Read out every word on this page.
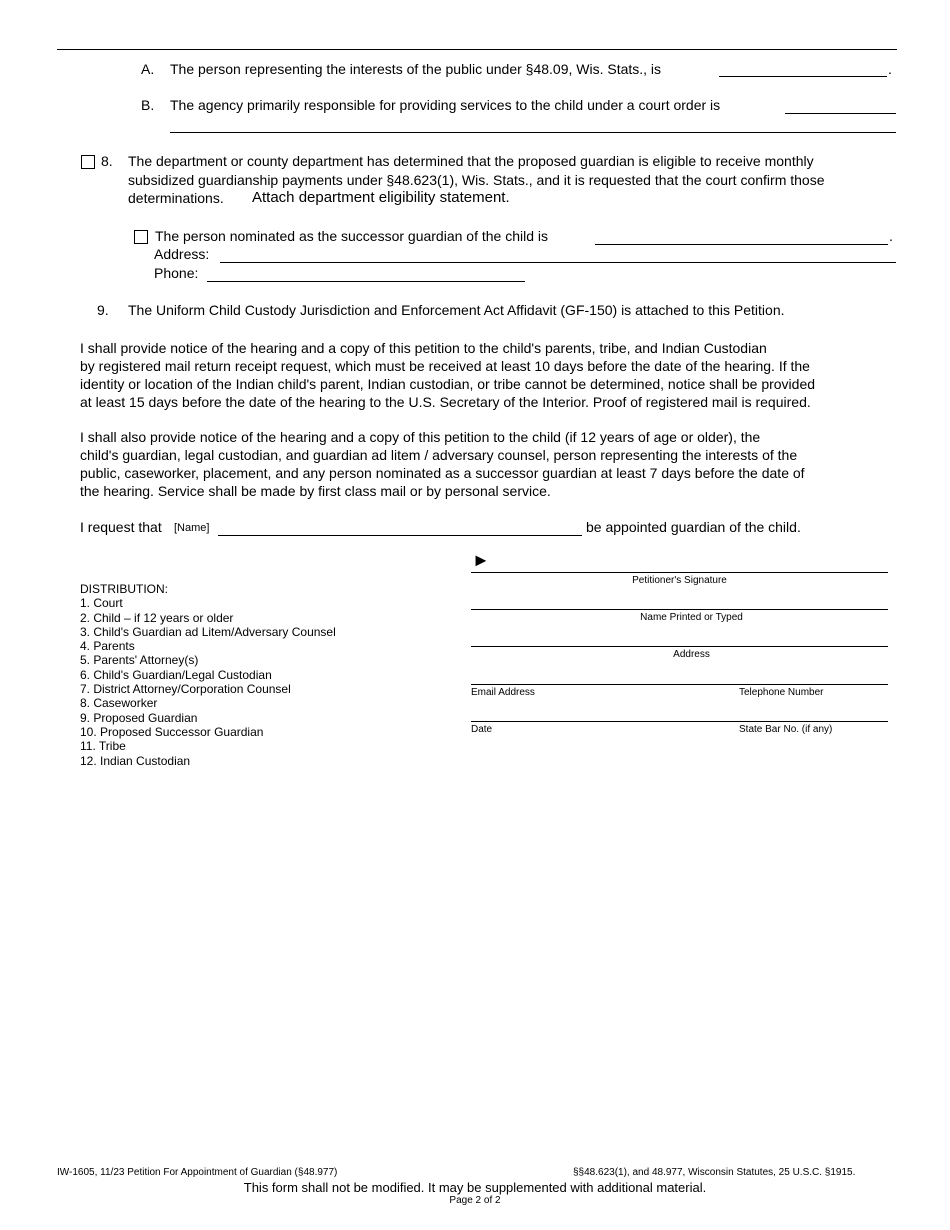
A. The person representing the interests of the public under §48.09, Wis. Stats., is	.
B. The agency primarily responsible for providing services to the child under a court order is
8. The department or county department has determined that the proposed guardian is eligible to receive monthly
subsidized guardianship payments under §48.623(1), Wis. Stats., and it is requested that the court confirm those
determinations. Attach department eligibility statement.
The person nominated as the successor guardian of the child is	.
Address:
Phone:
9. The Uniform Child Custody Jurisdiction and Enforcement Act Affidavit (GF-150) is attached to this Petition.
I shall provide notice of the hearing and a copy of this petition to the child's parents, tribe, and Indian Custodian
by registered mail return receipt request, which must be received at least 10 days before the date of the hearing. If the
identity or location of the Indian child's parent, Indian custodian, or tribe cannot be determined, notice shall be provided
at least 15 days before the date of the hearing to the U.S. Secretary of the Interior. Proof of registered mail is required.
I shall also provide notice of the hearing and a copy of this petition to the child (if 12 years of age or older), the
child's guardian, legal custodian, and guardian ad litem / adversary counsel, person representing the interests of the
public, caseworker, placement, and any person nominated as a successor guardian at least 7 days before the date of
the hearing. Service shall be made by first class mail or by personal service.
I request that [Name]	be appointed guardian of the child.
►
Petitioner's Signature
Name Printed or Typed
Address
Email Address	Telephone Number
Date	State Bar No. (if any)
DISTRIBUTION:
1. Court
2. Child – if 12 years or older
3. Child's Guardian ad Litem/Adversary Counsel
4. Parents
5. Parents' Attorney(s)
6. Child's Guardian/Legal Custodian
7. District Attorney/Corporation Counsel
8. Caseworker
9. Proposed Guardian
10. Proposed Successor Guardian
11. Tribe
12. Indian Custodian
IW-1605, 11/23 Petition For Appointment of Guardian (§48.977)	§§48.623(1), and 48.977, Wisconsin Statutes, 25 U.S.C. §1915.
This form shall not be modified. It may be supplemented with additional material.
Page 2 of 2
